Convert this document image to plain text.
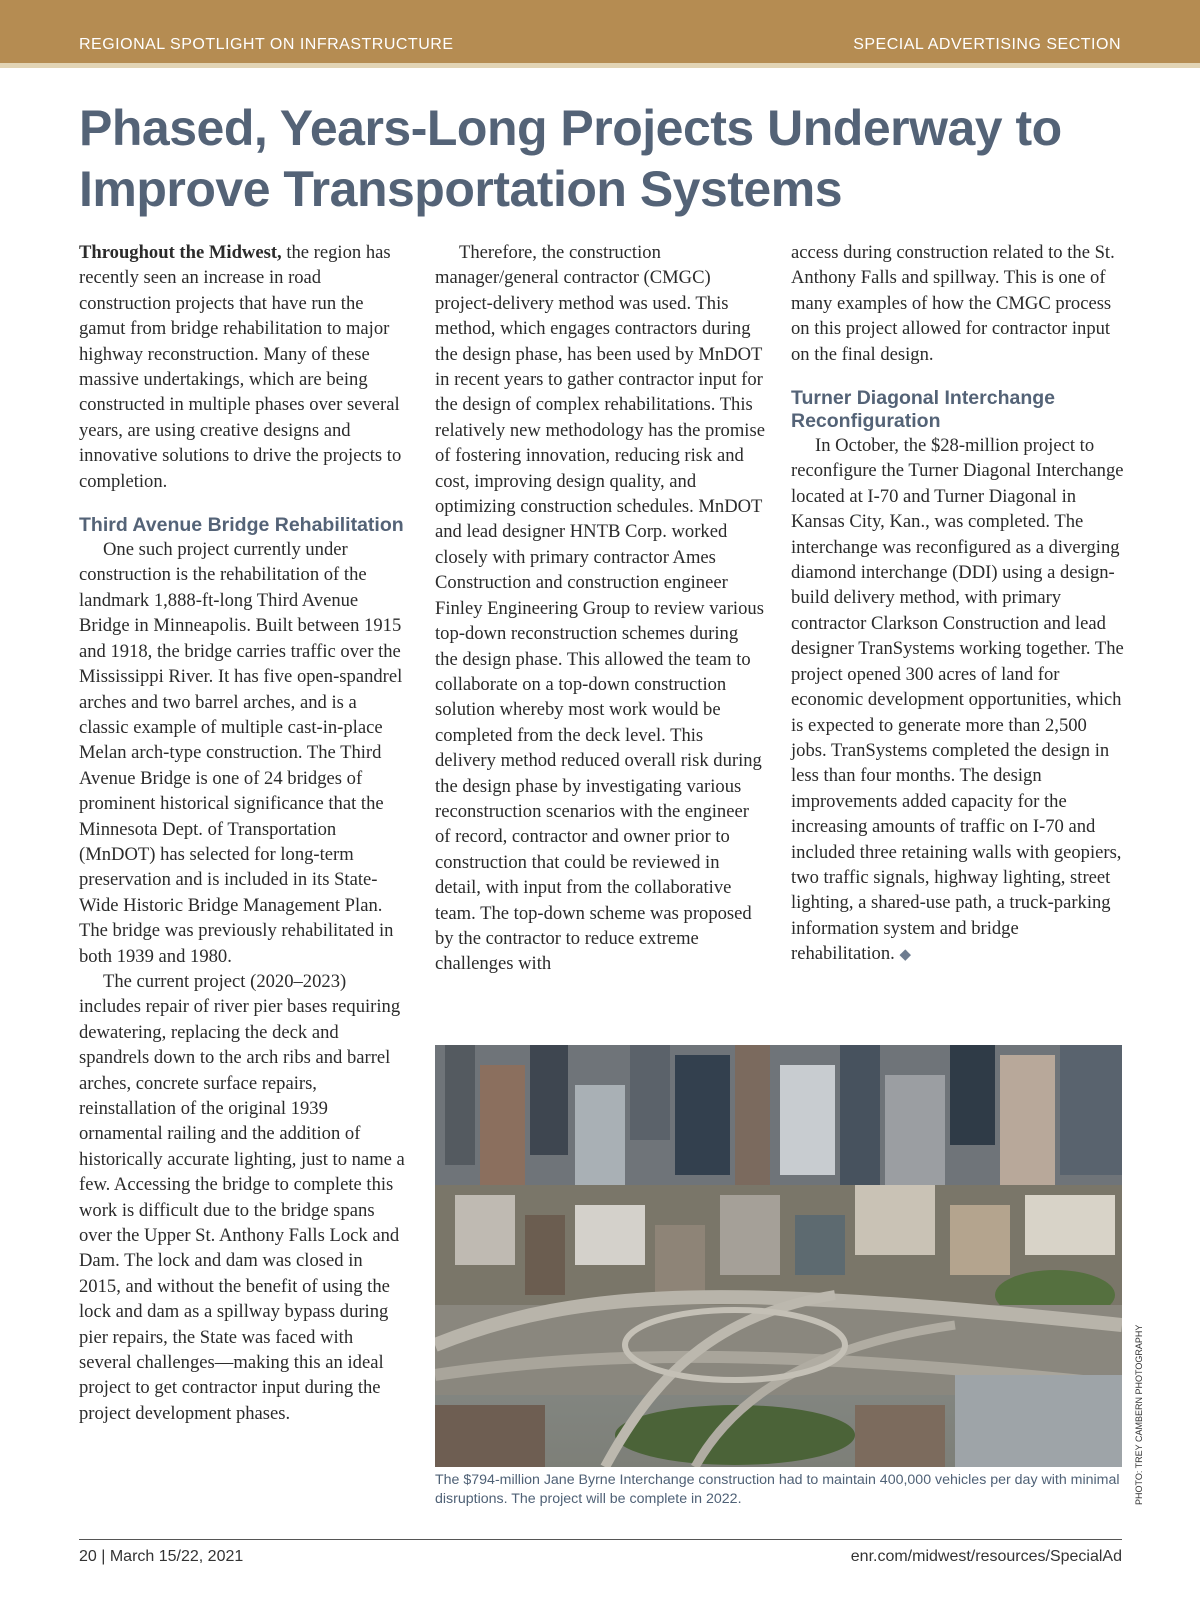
REGIONAL SPOTLIGHT ON INFRASTRUCTURE	SPECIAL ADVERTISING SECTION
Phased, Years-Long Projects Underway to Improve Transportation Systems

Throughout the Midwest, the region has recently seen an increase in road construction projects that have run the gamut from bridge rehabilitation to major highway reconstruction. Many of these massive undertakings, which are being constructed in multiple phases over several years, are using creative designs and innovative solutions to drive the projects to completion.

Third Avenue Bridge Rehabilitation

One such project currently under construction is the rehabilitation of the landmark 1,888-ft-long Third Avenue Bridge in Minneapolis. Built between 1915 and 1918, the bridge carries traffic over the Mississippi River. It has five open-spandrel arches and two barrel arches, and is a classic example of multiple cast-in-place Melan arch-type construction. The Third Avenue Bridge is one of 24 bridges of prominent historical significance that the Minnesota Dept. of Transportation (MnDOT) has selected for long-term preservation and is included in its State-Wide Historic Bridge Management Plan. The bridge was previously rehabilitated in both 1939 and 1980.

The current project (2020–2023) includes repair of river pier bases requiring dewatering, replacing the deck and spandrels down to the arch ribs and barrel arches, concrete surface repairs, reinstallation of the original 1939 ornamental railing and the addition of historically accurate lighting, just to name a few. Accessing the bridge to complete this work is difficult due to the bridge spans over the Upper St. Anthony Falls Lock and Dam. The lock and dam was closed in 2015, and without the benefit of using the lock and dam as a spillway bypass during pier repairs, the State was faced with several challenges—making this an ideal project to get contractor input during the project development phases.

Therefore, the construction manager/general contractor (CMGC) project-delivery method was used. This method, which engages contractors during the design phase, has been used by MnDOT in recent years to gather contractor input for the design of complex rehabilitations. This relatively new methodology has the promise of fostering innovation, reducing risk and cost, improving design quality, and optimizing construction schedules. MnDOT and lead designer HNTB Corp. worked closely with primary contractor Ames Construction and construction engineer Finley Engineering Group to review various top-down reconstruction schemes during the design phase. This allowed the team to collaborate on a top-down construction solution whereby most work would be completed from the deck level. This delivery method reduced overall risk during the design phase by investigating various reconstruction scenarios with the engineer of record, contractor and owner prior to construction that could be reviewed in detail, with input from the collaborative team. The top-down scheme was proposed by the contractor to reduce extreme challenges with

access during construction related to the St. Anthony Falls and spillway. This is one of many examples of how the CMGC process on this project allowed for contractor input on the final design.

Turner Diagonal Interchange Reconfiguration

In October, the $28-million project to reconfigure the Turner Diagonal Interchange located at I-70 and Turner Diagonal in Kansas City, Kan., was completed. The interchange was reconfigured as a diverging diamond interchange (DDI) using a design-build delivery method, with primary contractor Clarkson Construction and lead designer TranSystems working together. The project opened 300 acres of land for economic development opportunities, which is expected to generate more than 2,500 jobs. TranSystems completed the design in less than four months. The design improvements added capacity for the increasing amounts of traffic on I-70 and included three retaining walls with geopiers, two traffic signals, highway lighting, street lighting, a shared-use path, a truck-parking information system and bridge rehabilitation. ◆

The $794-million Jane Byrne Interchange construction had to maintain 400,000 vehicles per day with minimal disruptions. The project will be complete in 2022.	PHOTO: TREY CAMBERN PHOTOGRAPHY
20 | March 15/22, 2021	enr.com/midwest/resources/SpecialAd
